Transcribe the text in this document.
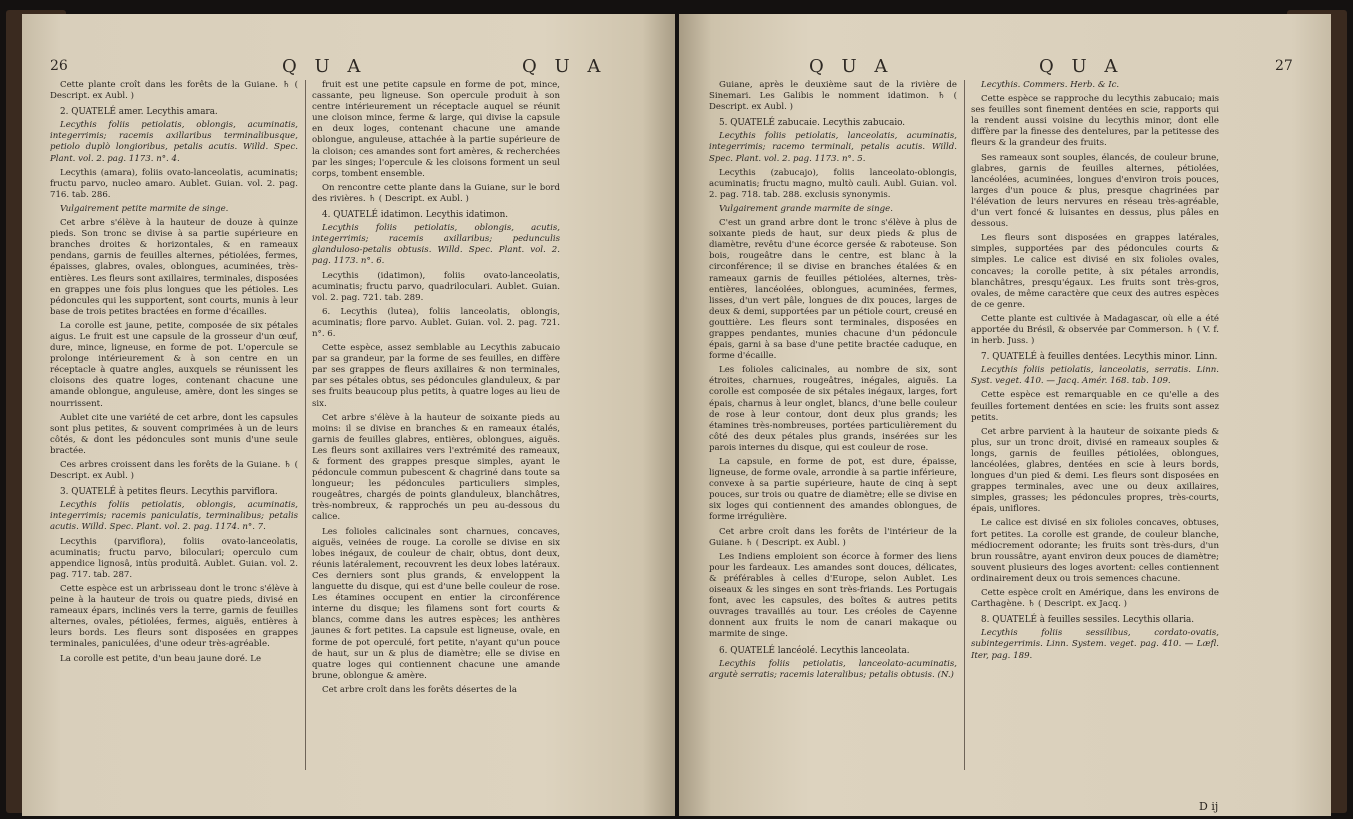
26	Q U A	Q U A

Cette plante croît dans les forêts de la Guiane. ♄ ( Descript. ex Aubl. )

2. QUATELÉ amer. Lecythis amara.

Lecythis foliis petiolatis, oblongis, acuminatis, integerrimis; racemis axillaribus terminalibusque, petiolo duplò longioribus, petalis acutis. Willd. Spec. Plant. vol. 2. pag. 1173. n°. 4.

Lecythis (amara), foliis ovato-lanceolatis, acuminatis; fructu parvo, nucleo amaro. Aublet. Guian. vol. 2. pag. 716. tab. 286.

Vulgairement petite marmite de singe.

Cet arbre s'élève à la hauteur de douze à quinze pieds. Son tronc se divise à sa partie supérieure en branches droites & horizontales, & en rameaux pendans, garnis de feuilles alternes, pétiolées, fermes, épaisses, glabres, ovales, oblongues, acuminées, très-entières. Les fleurs sont axillaires, terminales, disposées en grappes une fois plus longues que les pétioles. Les pédoncules qui les supportent, sont courts, munis à leur base de trois petites bractées en forme d'écailles.

La corolle est jaune, petite, composée de six pétales aigus. Le fruit est une capsule de la grosseur d'un œuf, dure, mince, ligneuse, en forme de pot. L'opercule se prolonge intérieurement & à son centre en un réceptacle à quatre angles, auxquels se réunissent les cloisons des quatre loges, contenant chacune une amande oblongue, anguleuse, amère, dont les singes se nourrissent.

Aublet cite une variété de cet arbre, dont les capsules sont plus petites, & souvent comprimées à un de leurs côtés, & dont les pédoncules sont munis d'une seule bractée.

Ces arbres croissent dans les forêts de la Guiane. ♄ ( Descript. ex Aubl. )

3. QUATELÉ à petites fleurs. Lecythis parviflora.

Lecythis foliis petiolatis, oblongis, acuminatis, integerrimis; racemis paniculatis, terminalibus; petalis acutis. Willd. Spec. Plant. vol. 2. pag. 1174. n°. 7.

Lecythis (parviflora), foliis ovato-lanceolatis, acuminatis; fructu parvo, biloculari; operculo cum appendice lignosâ, intùs produitâ. Aublet. Guian. vol. 2. pag. 717. tab. 287.

Cette espèce est un arbrisseau dont le tronc s'élève à peine à la hauteur de trois ou quatre pieds, divisé en rameaux épars, inclinés vers la terre, garnis de feuilles alternes, ovales, pétiolées, fermes, aiguës, entières à leurs bords. Les fleurs sont disposées en grappes terminales, paniculées, d'une odeur très-agréable.

La corolle est petite, d'un beau jaune doré. Le

fruit est une petite capsule en forme de pot, mince, cassante, peu ligneuse. Son opercule produit à son centre intérieurement un réceptacle auquel se réunit une cloison mince, ferme & large, qui divise la capsule en deux loges, contenant chacune une amande oblongue, anguleuse, attachée à la partie supérieure de la cloison; ces amandes sont fort amères, & recherchées par les singes; l'opercule & les cloisons forment un seul corps, tombent ensemble.

On rencontre cette plante dans la Guiane, sur le bord des rivières. ♄ ( Descript. ex Aubl. )

4. QUATELÉ idatimon. Lecythis idatimon.

Lecythis foliis petiolatis, oblongis, acutis, integerrimis; racemis axillaribus; pedunculis glanduloso-petalis obtusis. Willd. Spec. Plant. vol. 2. pag. 1173. n°. 6.

Lecythis (idatimon), foliis ovato-lanceolatis, acuminatis; fructu parvo, quadriloculari. Aublet. Guian. vol. 2. pag. 721. tab. 289.

6. Lecythis (lutea), foliis lanceolatis, oblongis, acuminatis; flore parvo. Aublet. Guian. vol. 2. pag. 721. n°. 6.

Cette espèce, assez semblable au Lecythis zabucaio par sa grandeur, par la forme de ses feuilles, en diffère par ses grappes de fleurs axillaires & non terminales, par ses pétales obtus, ses pédoncules glanduleux, & par ses fruits beaucoup plus petits, à quatre loges au lieu de six.

Cet arbre s'élève à la hauteur de soixante pieds au moins: il se divise en branches & en rameaux étalés, garnis de feuilles glabres, entières, oblongues, aiguës. Les fleurs sont axillaires vers l'extrémité des rameaux, & forment des grappes presque simples, ayant le pédoncule commun pubescent & chagriné dans toute sa longueur; les pédoncules particuliers simples, rougeâtres, chargés de points glanduleux, blanchâtres, très-nombreux, & rapprochés un peu au-dessous du calice.

Les folioles calicinales sont charnues, concaves, aiguës, veinées de rouge. La corolle se divise en six lobes inégaux, de couleur de chair, obtus, dont deux, réunis latéralement, recouvrent les deux lobes latéraux. Ces derniers sont plus grands, & enveloppent la languette du disque, qui est d'une belle couleur de rose. Les étamines occupent en entier la circonférence interne du disque; les filamens sont fort courts & blancs, comme dans les autres espèces; les anthères jaunes & fort petites. La capsule est ligneuse, ovale, en forme de pot operculé, fort petite, n'ayant qu'un pouce de haut, sur un & plus de diamètre; elle se divise en quatre loges qui contiennent chacune une amande brune, oblongue & amère.

Cet arbre croît dans les forêts désertes de la

Q U A	Q U A	27

Guiane, après le deuxième saut de la rivière de Sinemari. Les Galibis le nomment idatimon. ♄ ( Descript. ex Aubl. )

5. QUATELÉ zabucaie. Lecythis zabucaio.

Lecythis foliis petiolatis, lanceolatis, acuminatis, integerrimis; racemo terminali, petalis acutis. Willd. Spec. Plant. vol. 2. pag. 1173. n°. 5.

Lecythis (zabucajo), foliis lanceolato-oblongis, acuminatis; fructu magno, multò cauli. Aubl. Guian. vol. 2. pag. 718. tab. 288. exclusis synonymis.

Vulgairement grande marmite de singe.

C'est un grand arbre dont le tronc s'élève à plus de soixante pieds de haut, sur deux pieds & plus de diamètre, revêtu d'une écorce gersée & raboteuse. Son bois, rougeâtre dans le centre, est blanc à la circonférence; il se divise en branches étalées & en rameaux garnis de feuilles pétiolées, alternes, très-entières, lancéolées, oblongues, acuminées, fermes, lisses, d'un vert pâle, longues de dix pouces, larges de deux & demi, supportées par un pétiole court, creusé en gouttière. Les fleurs sont terminales, disposées en grappes pendantes, munies chacune d'un pédoncule épais, garni à sa base d'une petite bractée caduque, en forme d'écaille.

Les folioles calicinales, au nombre de six, sont étroites, charnues, rougeâtres, inégales, aiguës. La corolle est composée de six pétales inégaux, larges, fort épais, charnus à leur onglet, blancs, d'une belle couleur de rose à leur contour, dont deux plus grands; les étamines très-nombreuses, portées particulièrement du côté des deux pétales plus grands, insérées sur les parois internes du disque, qui est couleur de rose.

La capsule, en forme de pot, est dure, épaisse, ligneuse, de forme ovale, arrondie à sa partie inférieure, convexe à sa partie supérieure, haute de cinq à sept pouces, sur trois ou quatre de diamètre; elle se divise en six loges qui contiennent des amandes oblongues, de forme irrégulière.

Cet arbre croît dans les forêts de l'intérieur de la Guiane. ♄ ( Descript. ex Aubl. )

Les Indiens emploient son écorce à former des liens pour les fardeaux. Les amandes sont douces, délicates, & préférables à celles d'Europe, selon Aublet. Les oiseaux & les singes en sont très-friands. Les Portugais font, avec les capsules, des boîtes & autres petits ouvrages travaillés au tour. Les créoles de Cayenne donnent aux fruits le nom de canari makaque ou marmite de singe.

6. QUATELÉ lancéolé. Lecythis lanceolata.

Lecythis foliis petiolatis, lanceolato-acuminatis, argutè serratis; racemis lateralibus; petalis obtusis. (N.)

Lecythis. Commers. Herb. & Ic.

Cette espèce se rapproche du lecythis zabucaio; mais ses feuilles sont finement dentées en scie, rapports qui la rendent aussi voisine du lecythis minor, dont elle diffère par la finesse des dentelures, par la petitesse des fleurs & la grandeur des fruits.

Ses rameaux sont souples, élancés, de couleur brune, glabres, garnis de feuilles alternes, pétiolées, lancéolées, acuminées, longues d'environ trois pouces, larges d'un pouce & plus, presque chagrinées par l'élévation de leurs nervures en réseau très-agréable, d'un vert foncé & luisantes en dessus, plus pâles en dessous.

Les fleurs sont disposées en grappes latérales, simples, supportées par des pédoncules courts & simples. Le calice est divisé en six folioles ovales, concaves; la corolle petite, à six pétales arrondis, blanchâtres, presqu'égaux. Les fruits sont très-gros, ovales, de même caractère que ceux des autres espèces de ce genre.

Cette plante est cultivée à Madagascar, où elle a été apportée du Brésil, & observée par Commerson. ♄ ( V. f. in herb. Juss. )

7. QUATELÉ à feuilles dentées. Lecythis minor. Linn.

Lecythis foliis petiolatis, lanceolatis, serratis. Linn. Syst. veget. 410. — Jacq. Amér. 168. tab. 109.

Cette espèce est remarquable en ce qu'elle a des feuilles fortement dentées en scie: les fruits sont assez petits.

Cet arbre parvient à la hauteur de soixante pieds & plus, sur un tronc droit, divisé en rameaux souples & longs, garnis de feuilles pétiolées, oblongues, lancéolées, glabres, dentées en scie à leurs bords, longues d'un pied & demi. Les fleurs sont disposées en grappes terminales, avec une ou deux axillaires, simples, grasses; les pédoncules propres, très-courts, épais, uniflores.

Le calice est divisé en six folioles concaves, obtuses, fort petites. La corolle est grande, de couleur blanche, médiocrement odorante; les fruits sont très-durs, d'un brun roussâtre, ayant environ deux pouces de diamètre; souvent plusieurs des loges avortent: celles contiennent ordinairement deux ou trois semences chacune.

Cette espèce croît en Amérique, dans les environs de Carthagène. ♄ ( Descript. ex Jacq. )

8. QUATELÉ à feuilles sessiles. Lecythis ollaria.

Lecythis foliis sessilibus, cordato-ovatis, subintegerrimis. Linn. System. veget. pag. 410. — Læfl. Iter, pag. 189.

D ij
